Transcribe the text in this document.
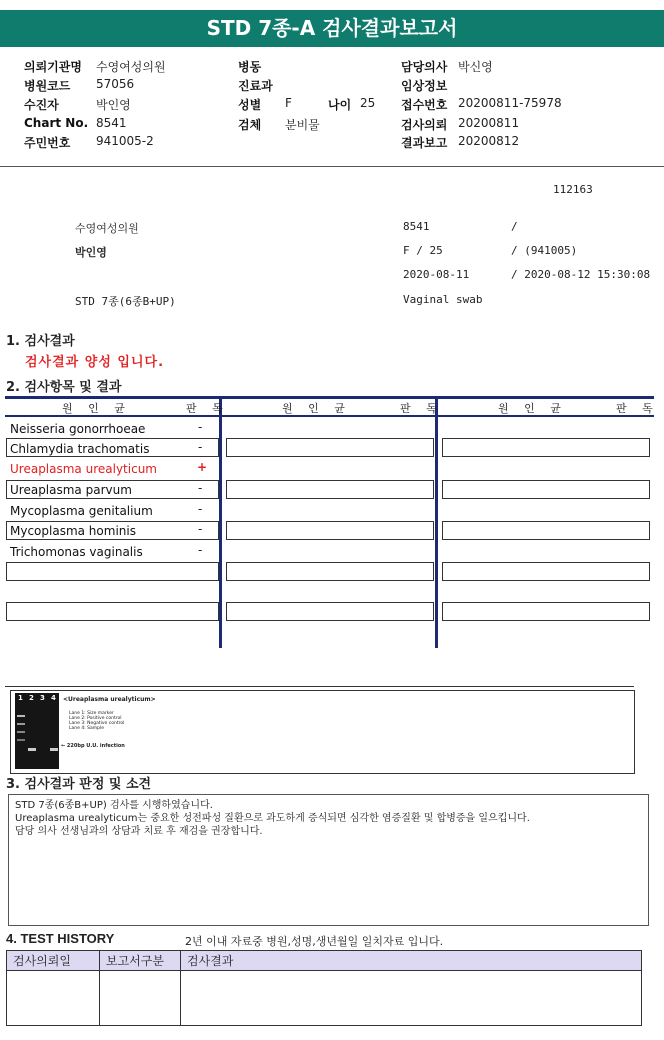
STD 7종-A 검사결과보고서
의뢰기관명 수영여성의원
병원코드 57056
수진자	박인영
Chart No. 8541
주민번호 941005-2
병동
진료과
성별 F	나이 25
검체 분비물
담당의사 박신영
임상정보
접수번호 20200811-75978
검사의뢰 20200811
결과보고 20200812
112163
수영여성의원	8541	/
박인영	F / 25	/ (941005)
2020-08-11	/ 2020-08-12 15:30:08
STD 7종(6종B+UP)	Vaginal swab
1. 검사결과
검사결과 양성 입니다.
2. 검사항목 및 결과
원 인 균	판 독	원 인 균	판 독	원 인 균	판 독
Neisseria gonorrhoeae	-
Chlamydia trachomatis	-
Ureaplasma urealyticum	+
Ureaplasma parvum	-
Mycoplasma genitalium	-
Mycoplasma hominis	-
Trichomonas vaginalis	-
1 2 3 4 <Ureaplasma urealyticum>
Lane 1: Size marker
Lane 2: Positive control
Lane 3: Negative control
Lane 4: Sample
← 220bp U.U. infection
3. 검사결과 판정 및 소견
STD 7종(6종B+UP) 검사를 시행하였습니다.
Ureaplasma urealyticum는 중요한 성전파성 질환으로 과도하게 증식되면 심각한 염증질환 및 합병증을 일으킵니다.
담당 의사 선생님과의 상담과 치료 후 재검을 권장합니다.
4. TEST HISTORY	2년 이내 자료중 병원,성명,생년월일 일치자료 입니다.
검사의뢰일	보고서구분	검사결과
